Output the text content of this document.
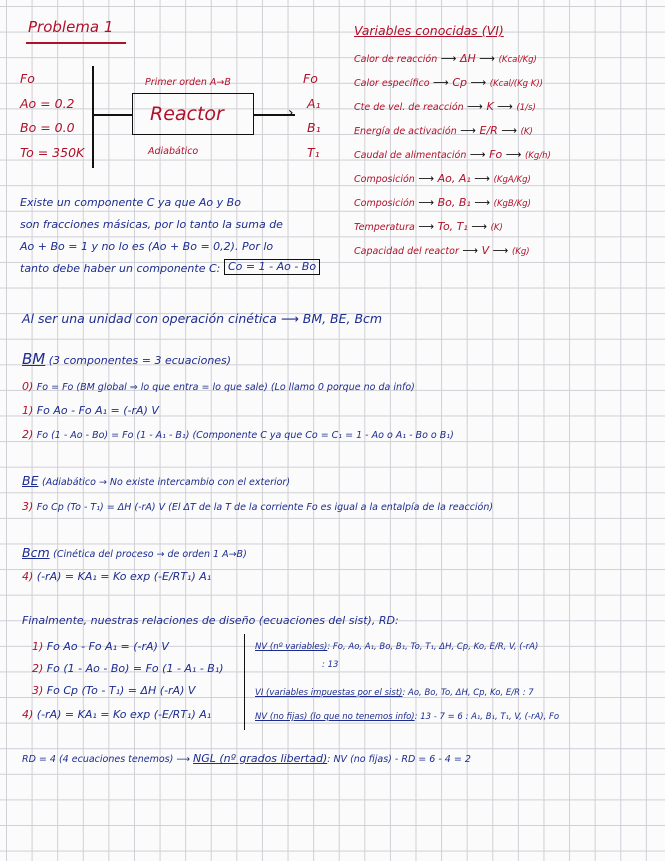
Problema 1
Fo
Ao = 0.2
Bo = 0.0
To = 350K
Primer orden A→B
Reactor
Adiabático
›
Fo
A₁
B₁
T₁
Variables conocidas (VI)
Calor de reacción ⟶ ΔH ⟶ (Kcal/Kg)
Calor específico ⟶ Cp ⟶ (Kcal/(Kg K))
Cte de vel. de reacción ⟶ K ⟶ (1/s)
Energía de activación ⟶ E/R ⟶ (K)
Caudal de alimentación ⟶ Fo ⟶ (Kg/h)
Composición ⟶ Ao, A₁ ⟶ (KgA/Kg)
Composición ⟶ Bo, B₁ ⟶ (KgB/Kg)
Temperatura ⟶ To, T₁ ⟶ (K)
Capacidad del reactor ⟶ V ⟶ (Kg)
Existe un componente C ya que Ao y Bo
son fracciones másicas, por lo tanto la suma de
Ao + Bo = 1 y no lo es (Ao + Bo = 0,2). Por lo
tanto debe haber un componente C: Co = 1 - Ao - Bo
Al ser una unidad con operación cinética ⟶ BM, BE, Bcm
BM (3 componentes = 3 ecuaciones)
0) Fo = Fo (BM global ⇒ lo que entra = lo que sale) (Lo llamo 0 porque no da info)
1) Fo Ao - Fo A₁ = (-rA) V
2) Fo (1 - Ao - Bo) = Fo (1 - A₁ - B₁) (Componente C ya que Co = C₁ = 1 - Ao o A₁ - Bo o B₁)
BE (Adiabático → No existe intercambio con el exterior)
3) Fo Cp (To - T₁) = ΔH (-rA) V (El ΔT de la T de la corriente Fo es igual a la entalpía de la reacción)
Bcm (Cinética del proceso → de orden 1 A→B)
4) (-rA) = KA₁ = Ko exp (-E/RT₁) A₁
Finalmente, nuestras relaciones de diseño (ecuaciones del sist), RD:
1) Fo Ao - Fo A₁ = (-rA) V
2) Fo (1 - Ao - Bo) = Fo (1 - A₁ - B₁)
3) Fo Cp (To - T₁) = ΔH (-rA) V
4) (-rA) = KA₁ = Ko exp (-E/RT₁) A₁
NV (nº variables): Fo, Ao, A₁, Bo, B₁, To, T₁, ΔH, Cp, Ko, E/R, V, (-rA)
: 13
VI (variables impuestas por el sist): Ao, Bo, To, ΔH, Cp, Ko, E/R : 7
NV (no fijas) (lo que no tenemos info): 13 - 7 = 6 : A₁, B₁, T₁, V, (-rA), Fo
RD = 4 (4 ecuaciones tenemos) ⟶ NGL (nº grados libertad): NV (no fijas) - RD = 6 - 4 = 2
